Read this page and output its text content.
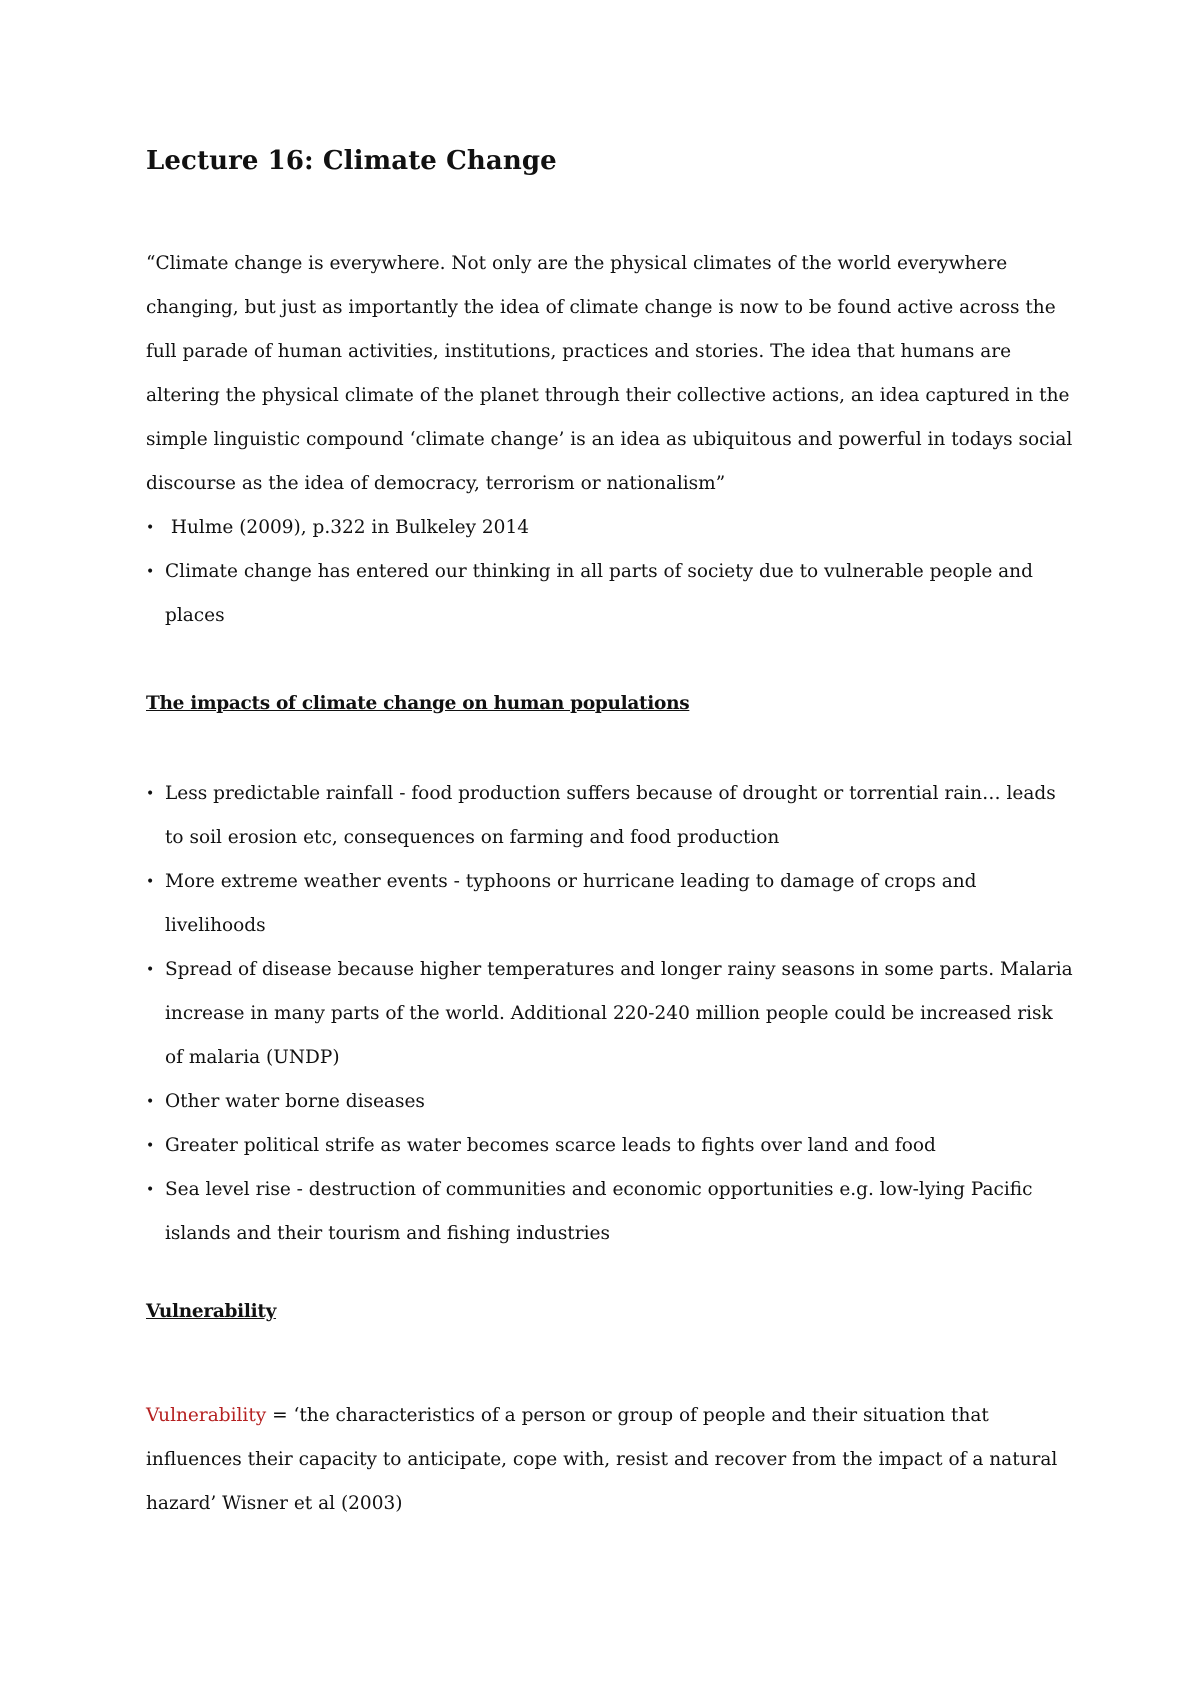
Lecture 16: Climate Change

“Climate change is everywhere. Not only are the physical climates of the world everywhere
changing, but just as importantly the idea of climate change is now to be found active across the
full parade of human activities, institutions, practices and stories. The idea that humans are
altering the physical climate of the planet through their collective actions, an idea captured in the
simple linguistic compound ‘climate change’ is an idea as ubiquitous and powerful in todays social
discourse as the idea of democracy, terrorism or nationalism”

• Hulme (2009), p.322 in Bulkeley 2014
• Climate change has entered our thinking in all parts of society due to vulnerable people and
places
The impacts of climate change on human populations
• Less predictable rainfall - food production suffers because of drought or torrential rain… leads
to soil erosion etc, consequences on farming and food production
• More extreme weather events - typhoons or hurricane leading to damage of crops and
livelihoods
• Spread of disease because higher temperatures and longer rainy seasons in some parts. Malaria
increase in many parts of the world. Additional 220-240 million people could be increased risk
of malaria (UNDP)
• Other water borne diseases
• Greater political strife as water becomes scarce leads to fights over land and food
• Sea level rise - destruction of communities and economic opportunities e.g. low-lying Pacific
islands and their tourism and fishing industries
Vulnerability

Vulnerability = ‘the characteristics of a person or group of people and their situation that
influences their capacity to anticipate, cope with, resist and recover from the impact of a natural
hazard’ Wisner et al (2003)
